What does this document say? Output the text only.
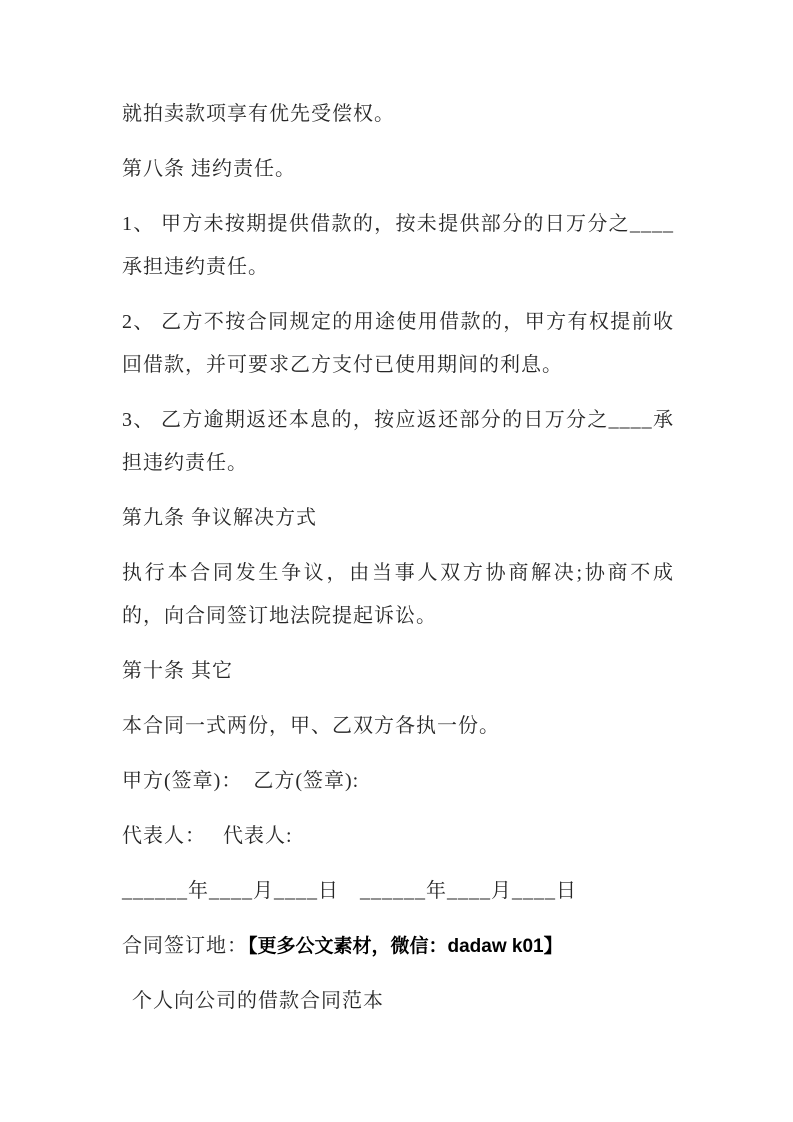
就拍卖款项享有优先受偿权。

第八条 违约责任。

1、 甲方未按期提供借款的，按未提供部分的日万分之____承担违约责任。

2、 乙方不按合同规定的用途使用借款的，甲方有权提前收回借款，并可要求乙方支付已使用期间的利息。

3、 乙方逾期返还本息的，按应返还部分的日万分之____承担违约责任。

第九条 争议解决方式

执行本合同发生争议，由当事人双方协商解决;协商不成的，向合同签订地法院提起诉讼。

第十条 其它

本合同一式两份，甲、乙双方各执一份。

甲方(签章)：　乙方(签章):

代表人：　 代表人:

______年____月____日　______年____月____日

合同签订地：【更多公文素材，微信：dadaw k01】

个人向公司的借款合同范本
